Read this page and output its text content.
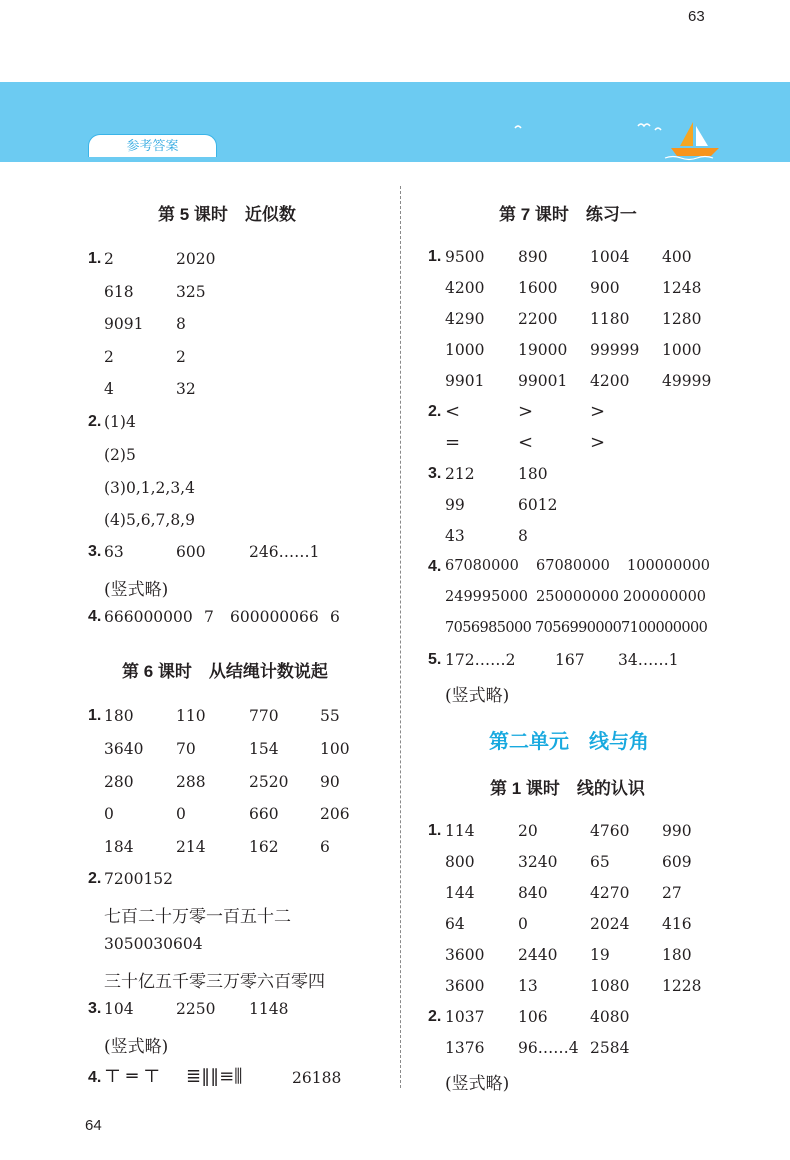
63
参考答案
第 5 课时　近似数
1. 2	2020
618	325
9091 8
2	2
4	32
2. (1)4
(2)5
(3)0,1,2,3,4
(4)5,6,7,8,9
3. 63	600	246……1
(竖式略)
4. 666000000 7 600000066 6
第 6 课时　从结绳计数说起
1. 180	110	770	55
3640 70	154	100
280	288	2520 90
0	0	660	206
184	214	162	6
2. 7200152
七百二十万零一百五十二
3050030604
三十亿五千零三万零六百零四
3. 104	2250 1148
(竖式略)
4. ⊤ ═ ⊤ ≣‖‖≡⫼	26188
第 7 课时　练习一
1. 9500 890	1004 400
4200 1600 900	1248
4290 2200 1180 1280
1000 19000 99999 1000
9901 99001 4200 49999
2. <	>	>
=	<	>
3. 212	180
99	6012
43	8
4. 67080000 67080000 100000000
249995000 250000000 200000000
7056985000 7056990000 7100000000
5. 172……2	167 34……1
(竖式略)
第二单元　线与角
第 1 课时　线的认识
1. 114	20	4760 990
800	3240 65	609
144	840	4270 27
64	0	2024 416
3600 2440 19	180
3600 13	1080 1228
2. 1037 106	4080
1376 96……4 2584
(竖式略)
64
